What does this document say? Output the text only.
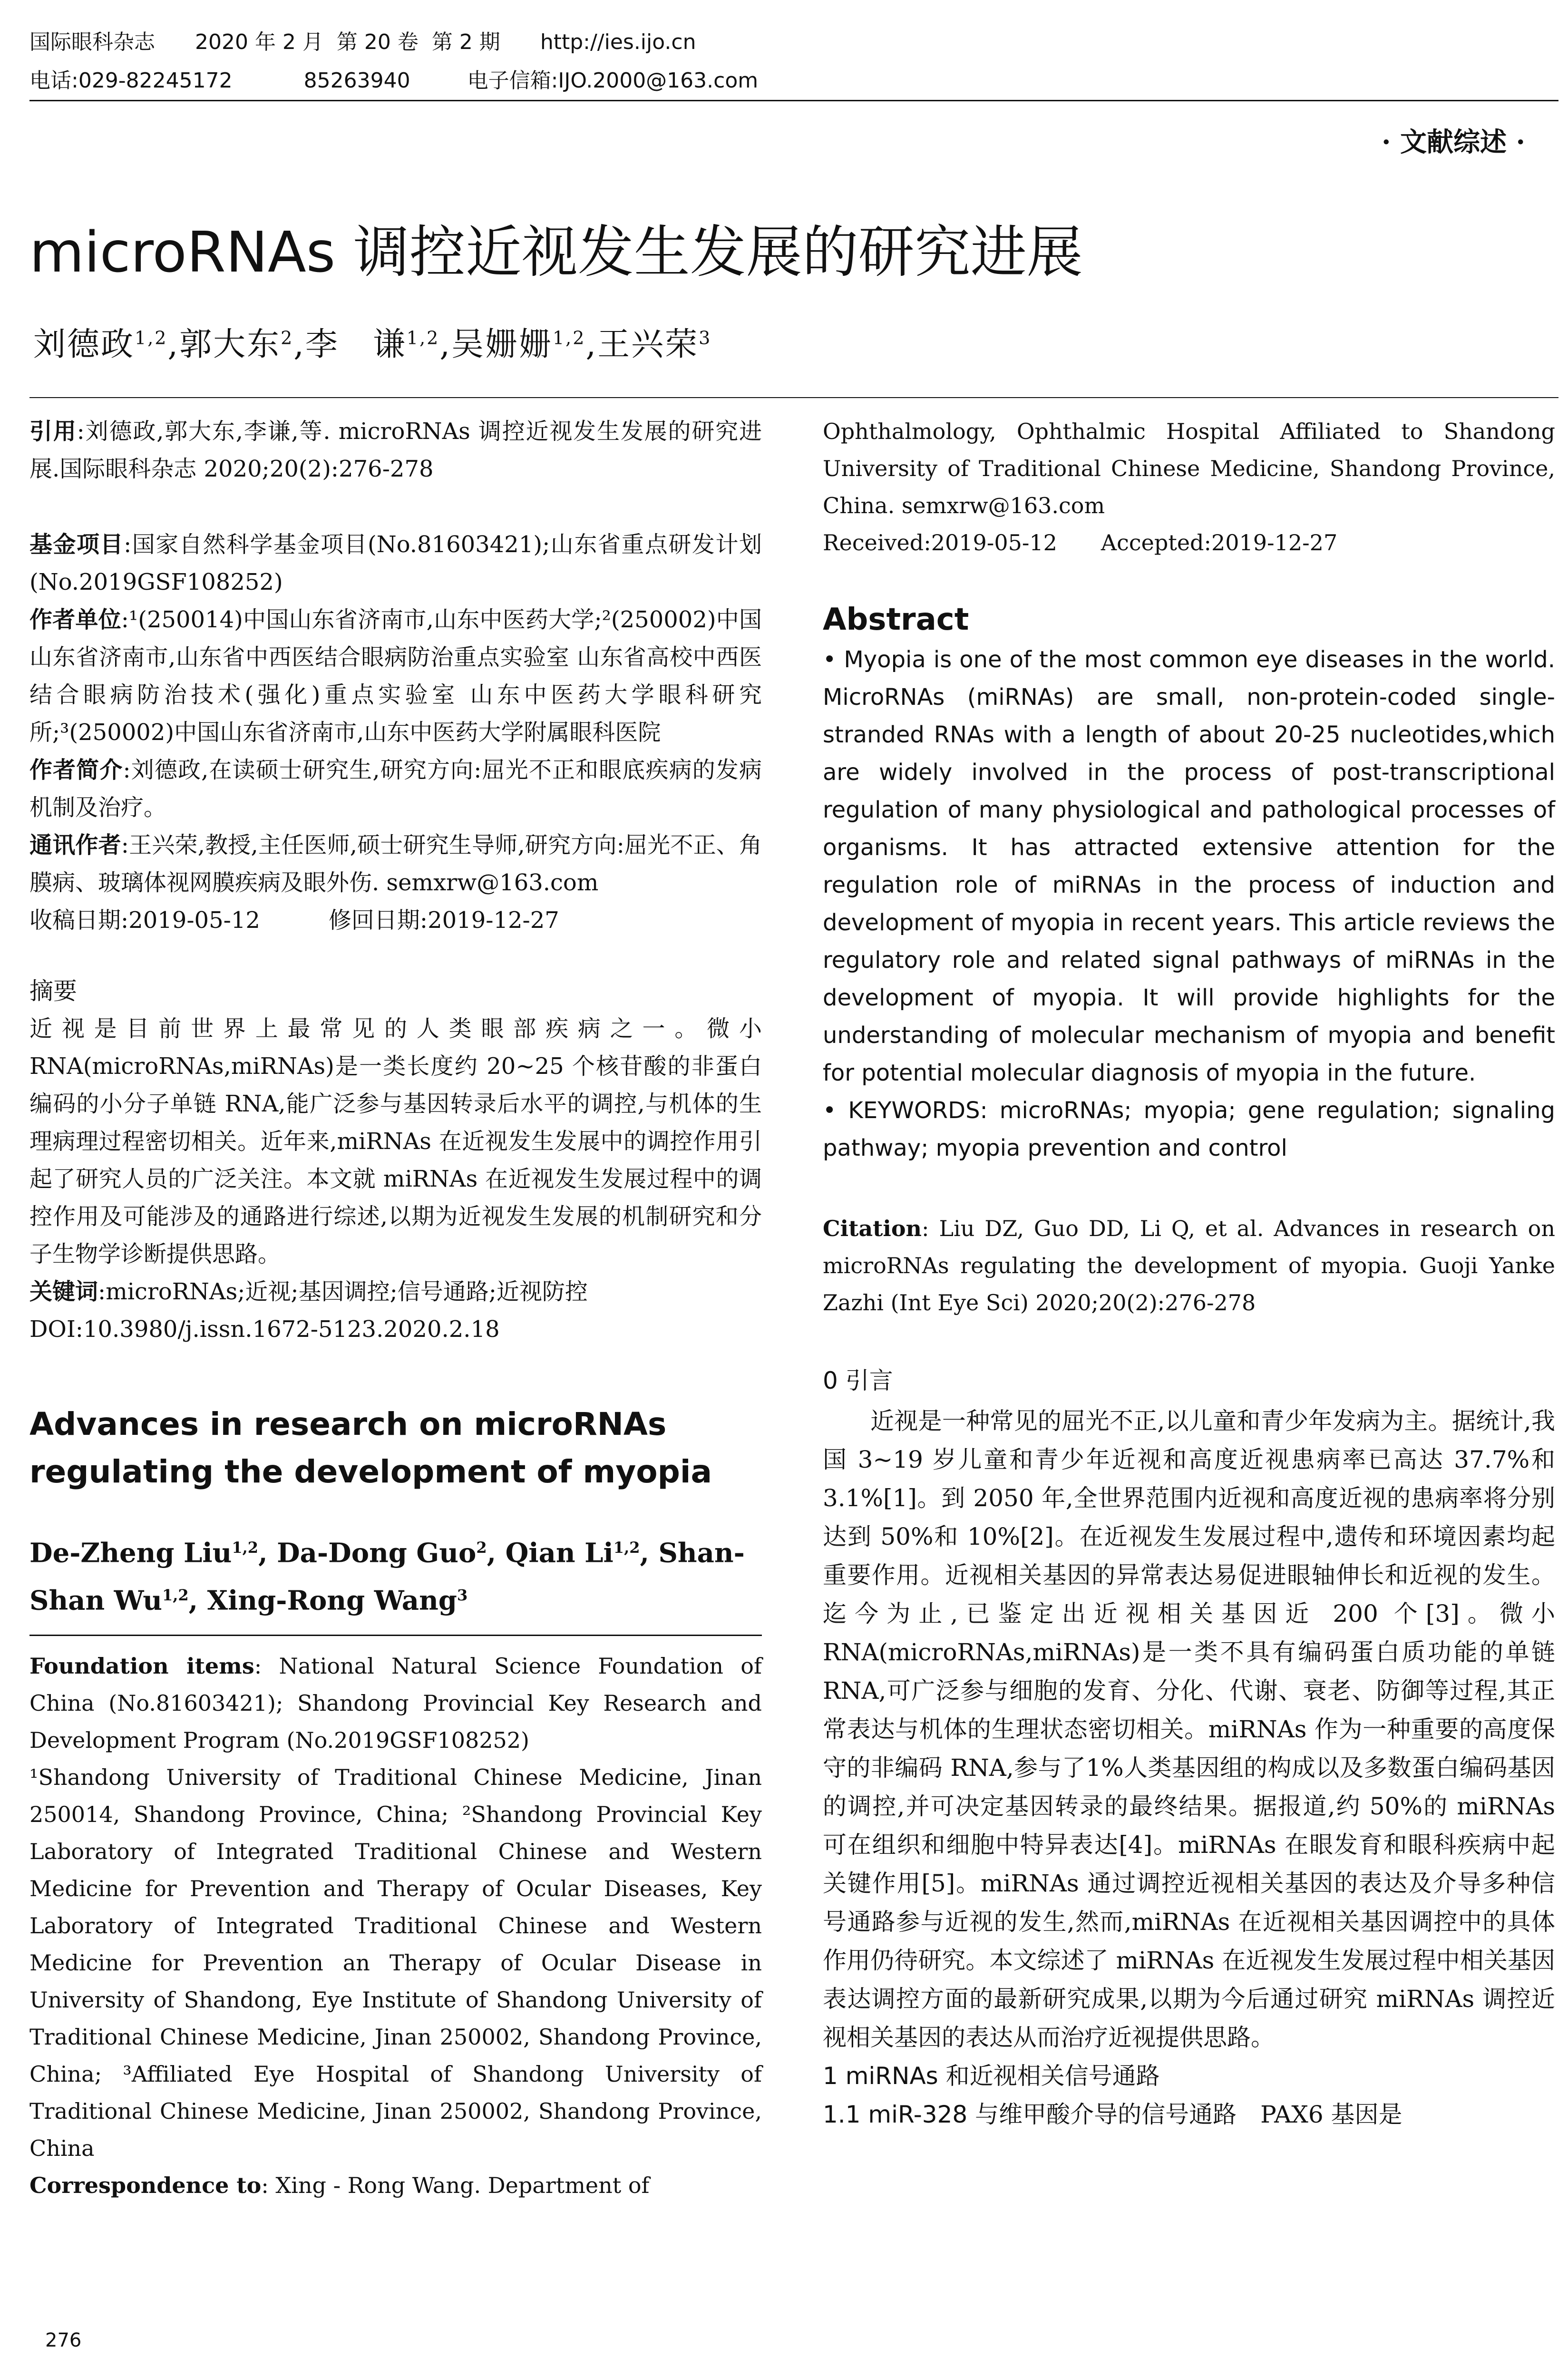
国际眼科杂志 2020 年 2 月  第 20 卷  第 2 期 http://ies.ijo.cn
电话:029-82245172	85263940	电子信箱:IJO.2000@163.com
· 文献综述 ·
microRNAs 调控近视发生发展的研究进展
刘德政$^{1,2}$,郭大东$^2$,李　谦$^{1,2}$,吴姗姗$^{1,2}$,王兴荣$^3$

引用:刘德政,郭大东,李谦,等. microRNAs 调控近视发生发展的研究进展.国际眼科杂志 2020;20(2):276-278

基金项目:国家自然科学基金项目(No.81603421);山东省重点研发计划(No.2019GSF108252)

作者单位:¹(250014)中国山东省济南市,山东中医药大学;²(250002)中国山东省济南市,山东省中西医结合眼病防治重点实验室 山东省高校中西医结合眼病防治技术(强化)重点实验室 山东中医药大学眼科研究所;³(250002)中国山东省济南市,山东中医药大学附属眼科医院

作者简介:刘德政,在读硕士研究生,研究方向:屈光不正和眼底疾病的发病机制及治疗。

通讯作者:王兴荣,教授,主任医师,硕士研究生导师,研究方向:屈光不正、角膜病、玻璃体视网膜疾病及眼外伤. semxrw@163.com

收稿日期:2019-05-12　　　修回日期:2019-12-27

摘要

近视是目前世界上最常见的人类眼部疾病之一。微小RNA(microRNAs,miRNAs)是一类长度约 20~25 个核苷酸的非蛋白编码的小分子单链 RNA,能广泛参与基因转录后水平的调控,与机体的生理病理过程密切相关。近年来,miRNAs 在近视发生发展中的调控作用引起了研究人员的广泛关注。本文就 miRNAs 在近视发生发展过程中的调控作用及可能涉及的通路进行综述,以期为近视发生发展的机制研究和分子生物学诊断提供思路。

关键词:microRNAs;近视;基因调控;信号通路;近视防控

DOI:10.3980/j.issn.1672-5123.2020.2.18

Advances in research on microRNAs regulating the development of myopia

De-Zheng Liu$^{1,2}$, Da-Dong Guo$^2$, Qian Li$^{1,2}$, Shan-Shan Wu$^{1,2}$, Xing-Rong Wang$^3$

Foundation items: National Natural Science Foundation of China (No.81603421); Shandong Provincial Key Research and Development Program (No.2019GSF108252)

¹Shandong University of Traditional Chinese Medicine, Jinan 250014, Shandong Province, China; ²Shandong Provincial Key Laboratory of Integrated Traditional Chinese and Western Medicine for Prevention and Therapy of Ocular Diseases, Key Laboratory of Integrated Traditional Chinese and Western Medicine for Prevention an Therapy of Ocular Disease in University of Shandong, Eye Institute of Shandong University of Traditional Chinese Medicine, Jinan 250002, Shandong Province, China; ³Affiliated Eye Hospital of Shandong University of Traditional Chinese Medicine, Jinan 250002, Shandong Province, China

Correspondence to: Xing - Rong Wang. Department of

Ophthalmology, Ophthalmic Hospital Affiliated to Shandong University of Traditional Chinese Medicine, Shandong Province, China. semxrw@163.com

Received:2019-05-12　　Accepted:2019-12-27

Abstract

• Myopia is one of the most common eye diseases in the world. MicroRNAs (miRNAs) are small, non-protein-coded single-stranded RNAs with a length of about 20-25 nucleotides,which are widely involved in the process of post-transcriptional regulation of many physiological and pathological processes of organisms. It has attracted extensive attention for the regulation role of miRNAs in the process of induction and development of myopia in recent years. This article reviews the regulatory role and related signal pathways of miRNAs in the development of myopia. It will provide highlights for the understanding of molecular mechanism of myopia and benefit for potential molecular diagnosis of myopia in the future.

• KEYWORDS: microRNAs; myopia; gene regulation; signaling pathway; myopia prevention and control

Citation: Liu DZ, Guo DD, Li Q, et al. Advances in research on microRNAs regulating the development of myopia. Guoji Yanke Zazhi (Int Eye Sci) 2020;20(2):276-278

0 引言

近视是一种常见的屈光不正,以儿童和青少年发病为主。据统计,我国 3~19 岁儿童和青少年近视和高度近视患病率已高达 37.7%和 3.1%[1]。到 2050 年,全世界范围内近视和高度近视的患病率将分别达到 50%和 10%[2]。在近视发生发展过程中,遗传和环境因素均起重要作用。近视相关基因的异常表达易促进眼轴伸长和近视的发生。迄今为止,已鉴定出近视相关基因近 200 个[3]。微小 RNA(microRNAs,miRNAs)是一类不具有编码蛋白质功能的单链 RNA,可广泛参与细胞的发育、分化、代谢、衰老、防御等过程,其正常表达与机体的生理状态密切相关。miRNAs 作为一种重要的高度保守的非编码 RNA,参与了1%人类基因组的构成以及多数蛋白编码基因的调控,并可决定基因转录的最终结果。据报道,约 50%的 miRNAs 可在组织和细胞中特异表达[4]。miRNAs 在眼发育和眼科疾病中起关键作用[5]。miRNAs 通过调控近视相关基因的表达及介导多种信号通路参与近视的发生,然而,miRNAs 在近视相关基因调控中的具体作用仍待研究。本文综述了 miRNAs 在近视发生发展过程中相关基因表达调控方面的最新研究成果,以期为今后通过研究 miRNAs 调控近视相关基因的表达从而治疗近视提供思路。

1 miRNAs 和近视相关信号通路

1.1 miR-328 与维甲酸介导的信号通路　 PAX6 基因是

276
